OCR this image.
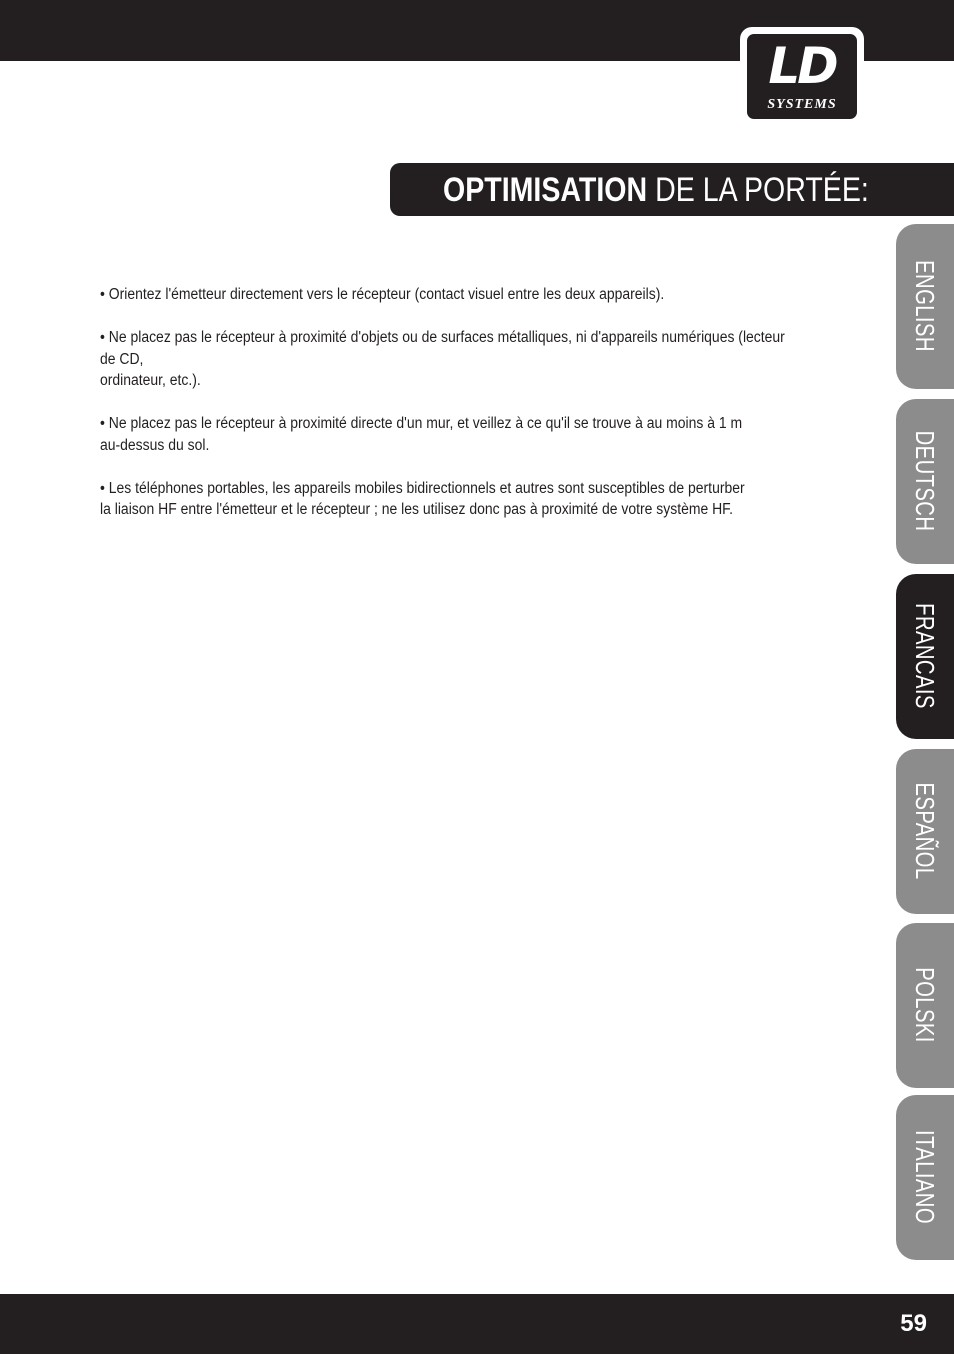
LD
SYSTEMS
OPTIMISATION DE LA PORTÉE:

• Orientez l'émetteur directement vers le récepteur (contact visuel entre les deux appareils).

• Ne placez pas le récepteur à proximité d'objets ou de surfaces métalliques, ni d'appareils numériques (lecteur
de CD,
ordinateur, etc.).

• Ne placez pas le récepteur à proximité directe d'un mur, et veillez à ce qu'il se trouve à au moins à 1 m
au-dessus du sol.

• Les téléphones portables, les appareils mobiles bidirectionnels et autres sont susceptibles de perturber
la liaison HF entre l'émetteur et le récepteur ; ne les utilisez donc pas à proximité de votre système HF.

ENGLISH
DEUTSCH
FRANCAIS
ESPAÑOL
POLSKI
ITALIANO
59
